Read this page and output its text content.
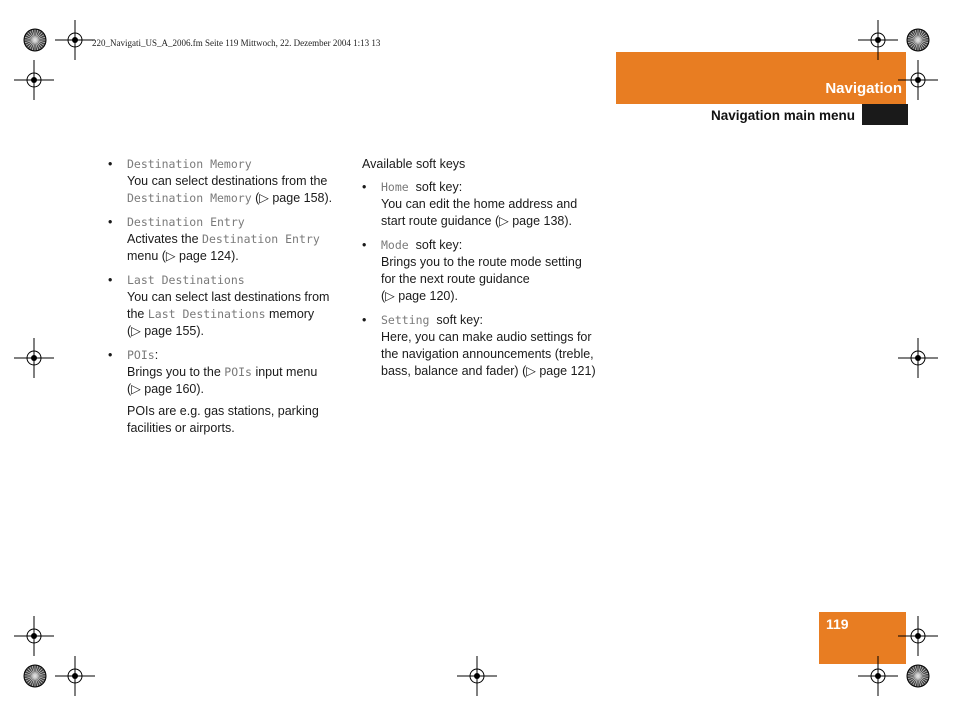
220_Navigati_US_A_2006.fm Seite 119 Mittwoch, 22. Dezember 2004 1:13 13
Navigation
Navigation main menu
119
• Destination Memory
You can select destinations from the
Destination Memory (▷ page 158).
• Destination Entry
Activates the Destination Entry
menu (▷ page 124).
• Last Destinations
You can select last destinations from
the Last Destinations memory
(▷ page 155).
• POIs:
Brings you to the POIs input menu
(▷ page 160).
POIs are e.g. gas stations, parking
facilities or airports.

Available soft keys

• Home  soft key:
You can edit the home address and
start route guidance (▷ page 138).
• Mode  soft key:
Brings you to the route mode setting
for the next route guidance
(▷ page 120).
• Setting  soft key:
Here, you can make audio settings for
the navigation announcements (treble,
bass, balance and fader) (▷ page 121)
